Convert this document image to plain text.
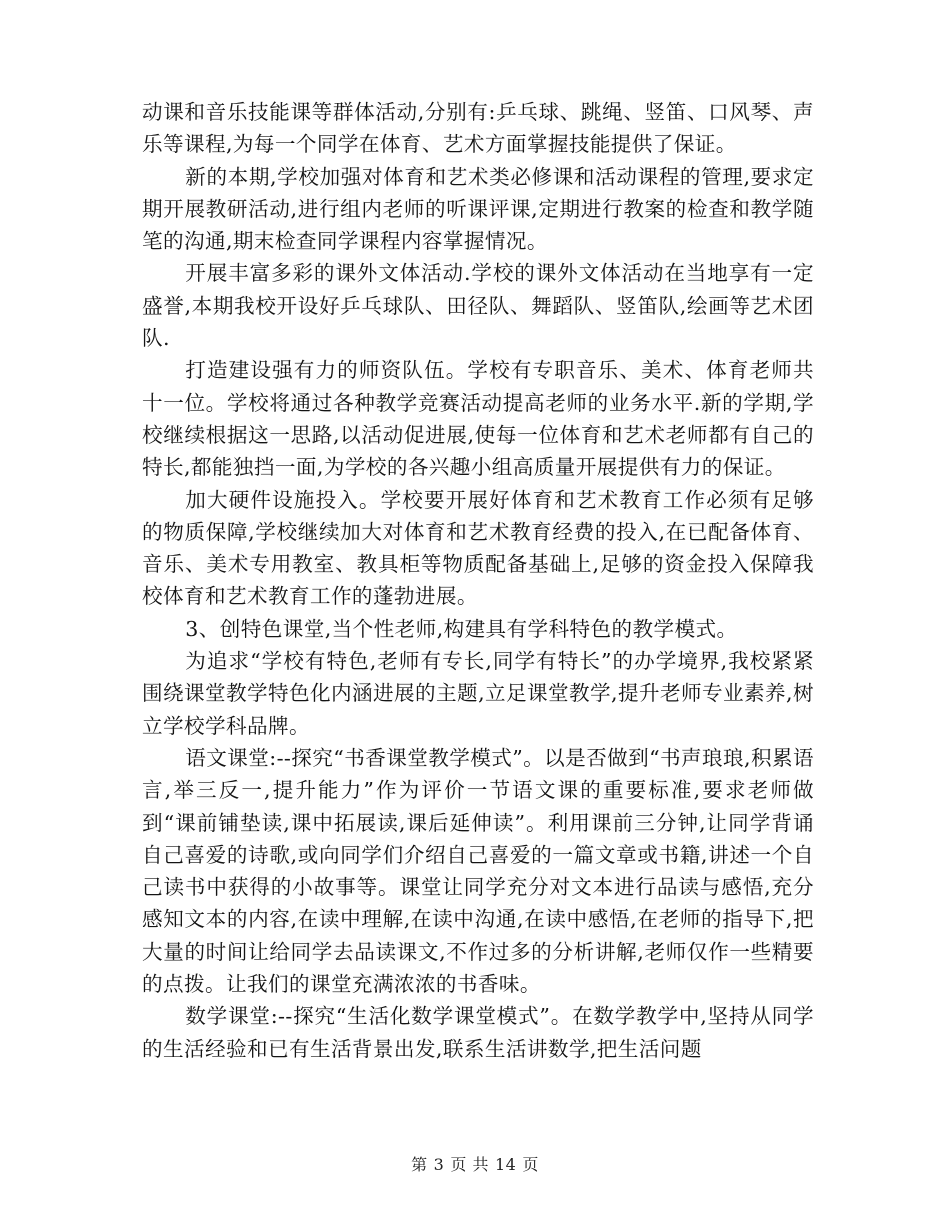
动课和音乐技能课等群体活动,分别有:乒乓球、跳绳、竖笛、口风琴、声乐等课程,为每一个同学在体育、艺术方面掌握技能提供了保证。

新的本期,学校加强对体育和艺术类必修课和活动课程的管理,要求定期开展教研活动,进行组内老师的听课评课,定期进行教案的检查和教学随笔的沟通,期末检查同学课程内容掌握情况。

开展丰富多彩的课外文体活动.学校的课外文体活动在当地享有一定盛誉,本期我校开设好乒乓球队、田径队、舞蹈队、竖笛队,绘画等艺术团队.

打造建设强有力的师资队伍。学校有专职音乐、美术、体育老师共十一位。学校将通过各种教学竞赛活动提高老师的业务水平.新的学期,学校继续根据这一思路,以活动促进展,使每一位体育和艺术老师都有自己的特长,都能独挡一面,为学校的各兴趣小组高质量开展提供有力的保证。

加大硬件设施投入。学校要开展好体育和艺术教育工作必须有足够的物质保障,学校继续加大对体育和艺术教育经费的投入,在已配备体育、音乐、美术专用教室、教具柜等物质配备基础上,足够的资金投入保障我校体育和艺术教育工作的蓬勃进展。

3、创特色课堂,当个性老师,构建具有学科特色的教学模式。

为追求“学校有特色,老师有专长,同学有特长”的办学境界,我校紧紧围绕课堂教学特色化内涵进展的主题,立足课堂教学,提升老师专业素养,树立学校学科品牌。

语文课堂:--探究“书香课堂教学模式”。以是否做到“书声琅琅,积累语言,举三反一,提升能力”作为评价一节语文课的重要标准,要求老师做到“课前铺垫读,课中拓展读,课后延伸读”。利用课前三分钟,让同学背诵自己喜爱的诗歌,或向同学们介绍自己喜爱的一篇文章或书籍,讲述一个自己读书中获得的小故事等。课堂让同学充分对文本进行品读与感悟,充分感知文本的内容,在读中理解,在读中沟通,在读中感悟,在老师的指导下,把大量的时间让给同学去品读课文,不作过多的分析讲解,老师仅作一些精要的点拨。让我们的课堂充满浓浓的书香味。

数学课堂:--探究“生活化数学课堂模式”。在数学教学中,坚持从同学的生活经验和已有生活背景出发,联系生活讲数学,把生活问题

第 3 页 共 14 页
